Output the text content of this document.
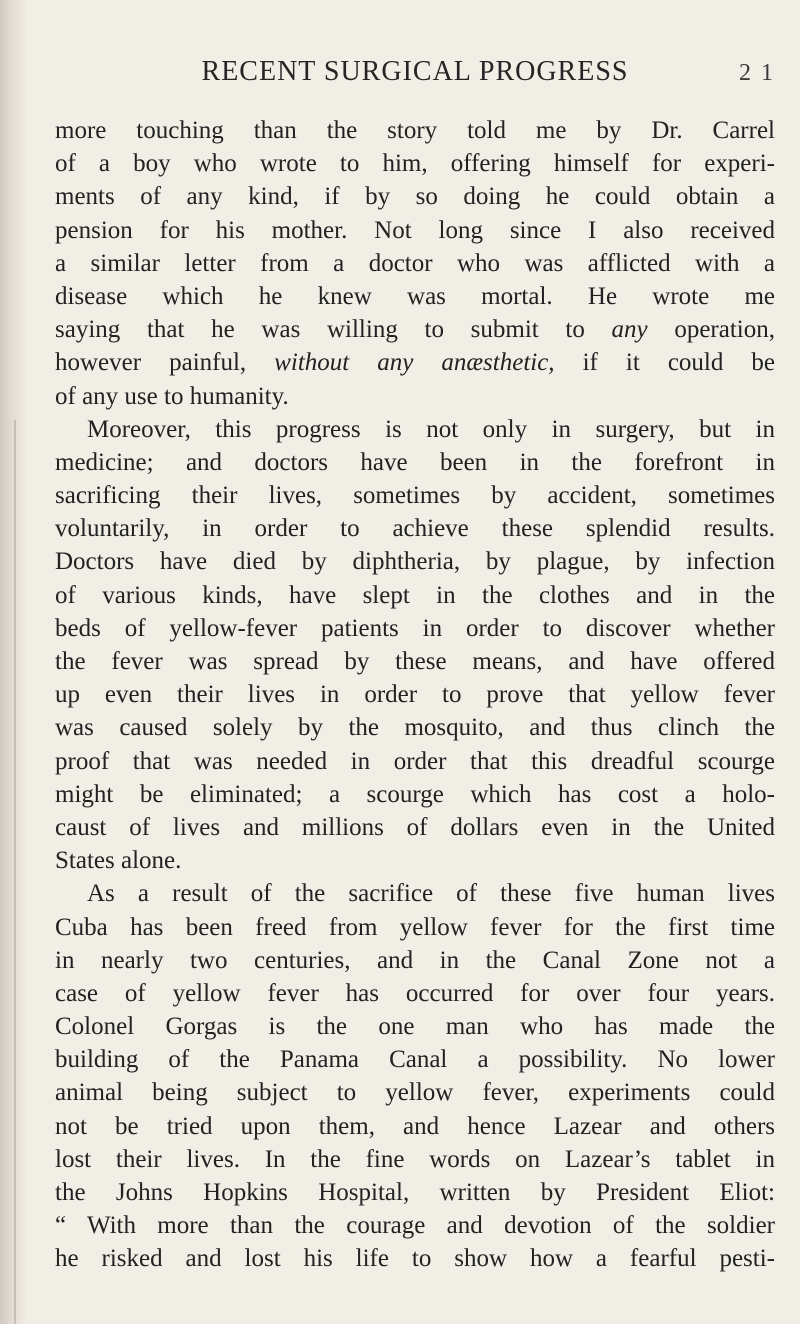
RECENT SURGICAL PROGRESS	2 1
more touching than the story told me by Dr. Carrel
of a boy who wrote to him, offering himself for experi-
ments of any kind, if by so doing he could obtain a
pension for his mother. Not long since I also received
a similar letter from a doctor who was afflicted with a
disease which he knew was mortal. He wrote me
saying that he was willing to submit to any operation,
however painful, without any anæsthetic, if it could be
of any use to humanity.
Moreover, this progress is not only in surgery, but in
medicine; and doctors have been in the forefront in
sacrificing their lives, sometimes by accident, sometimes
voluntarily, in order to achieve these splendid results.
Doctors have died by diphtheria, by plague, by infection
of various kinds, have slept in the clothes and in the
beds of yellow-fever patients in order to discover whether
the fever was spread by these means, and have offered
up even their lives in order to prove that yellow fever
was caused solely by the mosquito, and thus clinch the
proof that was needed in order that this dreadful scourge
might be eliminated; a scourge which has cost a holo-
caust of lives and millions of dollars even in the United
States alone.
As a result of the sacrifice of these five human lives
Cuba has been freed from yellow fever for the first time
in nearly two centuries, and in the Canal Zone not a
case of yellow fever has occurred for over four years.
Colonel Gorgas is the one man who has made the
building of the Panama Canal a possibility. No lower
animal being subject to yellow fever, experiments could
not be tried upon them, and hence Lazear and others
lost their lives. In the fine words on Lazear’s tablet in
the Johns Hopkins Hospital, written by President Eliot:
“ With more than the courage and devotion of the soldier
he risked and lost his life to show how a fearful pesti-
